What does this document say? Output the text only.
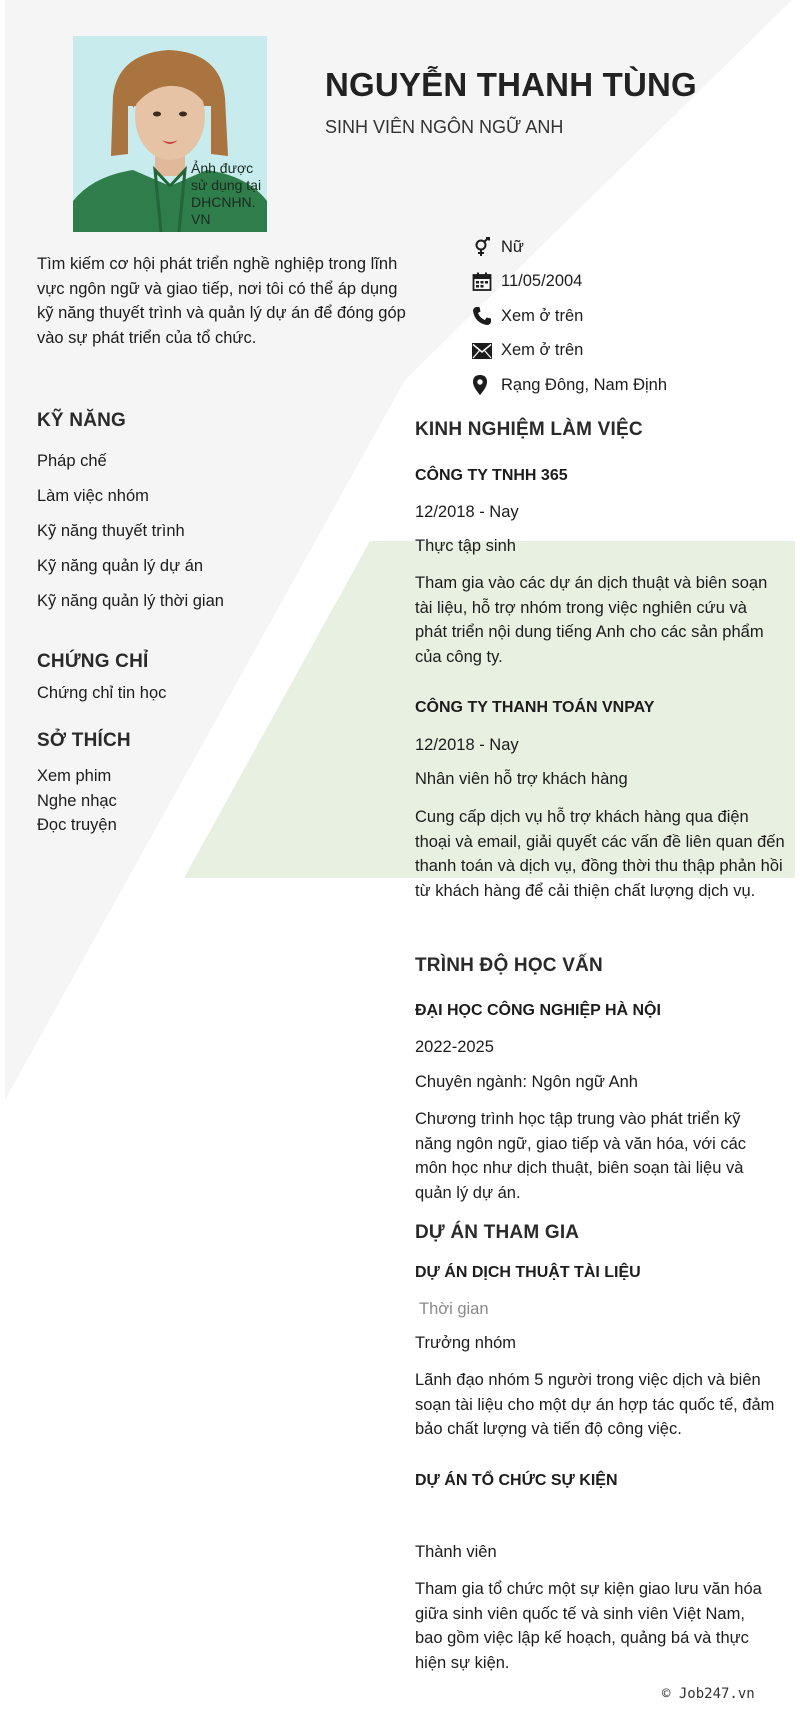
Ảnh được sử dụng tại DHCNHN. VN
NGUYỄN THANH TÙNG
SINH VIÊN NGÔN NGỮ ANH
Tìm kiếm cơ hội phát triển nghề nghiệp trong lĩnh vực ngôn ngữ và giao tiếp, nơi tôi có thể áp dụng kỹ năng thuyết trình và quản lý dự án để đóng góp vào sự phát triển của tổ chức.
Nữ
11/05/2004
Xem ở trên
Xem ở trên
Rạng Đông, Nam Định
KỸ NĂNG
Pháp chế
Làm việc nhóm
Kỹ năng thuyết trình
Kỹ năng quản lý dự án
Kỹ năng quản lý thời gian
CHỨNG CHỈ
Chứng chỉ tin học
SỞ THÍCH
Xem phim
Nghe nhạc
Đọc truyện
KINH NGHIỆM LÀM VIỆC
CÔNG TY TNHH 365
12/2018 - Nay
Thực tập sinh
Tham gia vào các dự án dịch thuật và biên soạn tài liệu, hỗ trợ nhóm trong việc nghiên cứu và phát triển nội dung tiếng Anh cho các sản phẩm của công ty.
CÔNG TY THANH TOÁN VNPAY
12/2018 - Nay
Nhân viên hỗ trợ khách hàng
Cung cấp dịch vụ hỗ trợ khách hàng qua điện thoại và email, giải quyết các vấn đề liên quan đến thanh toán và dịch vụ, đồng thời thu thập phản hồi từ khách hàng để cải thiện chất lượng dịch vụ.
TRÌNH ĐỘ HỌC VẤN
ĐẠI HỌC CÔNG NGHIỆP HÀ NỘI
2022-2025
Chuyên ngành: Ngôn ngữ Anh
Chương trình học tập trung vào phát triển kỹ năng ngôn ngữ, giao tiếp và văn hóa, với các môn học như dịch thuật, biên soạn tài liệu và quản lý dự án.
DỰ ÁN THAM GIA
DỰ ÁN DỊCH THUẬT TÀI LIỆU
Thời gian
Trưởng nhóm
Lãnh đạo nhóm 5 người trong việc dịch và biên soạn tài liệu cho một dự án hợp tác quốc tế, đảm bảo chất lượng và tiến độ công việc.
DỰ ÁN TỔ CHỨC SỰ KIỆN
Thành viên
Tham gia tổ chức một sự kiện giao lưu văn hóa giữa sinh viên quốc tế và sinh viên Việt Nam, bao gồm việc lập kế hoạch, quảng bá và thực hiện sự kiện.
© Job247.vn
